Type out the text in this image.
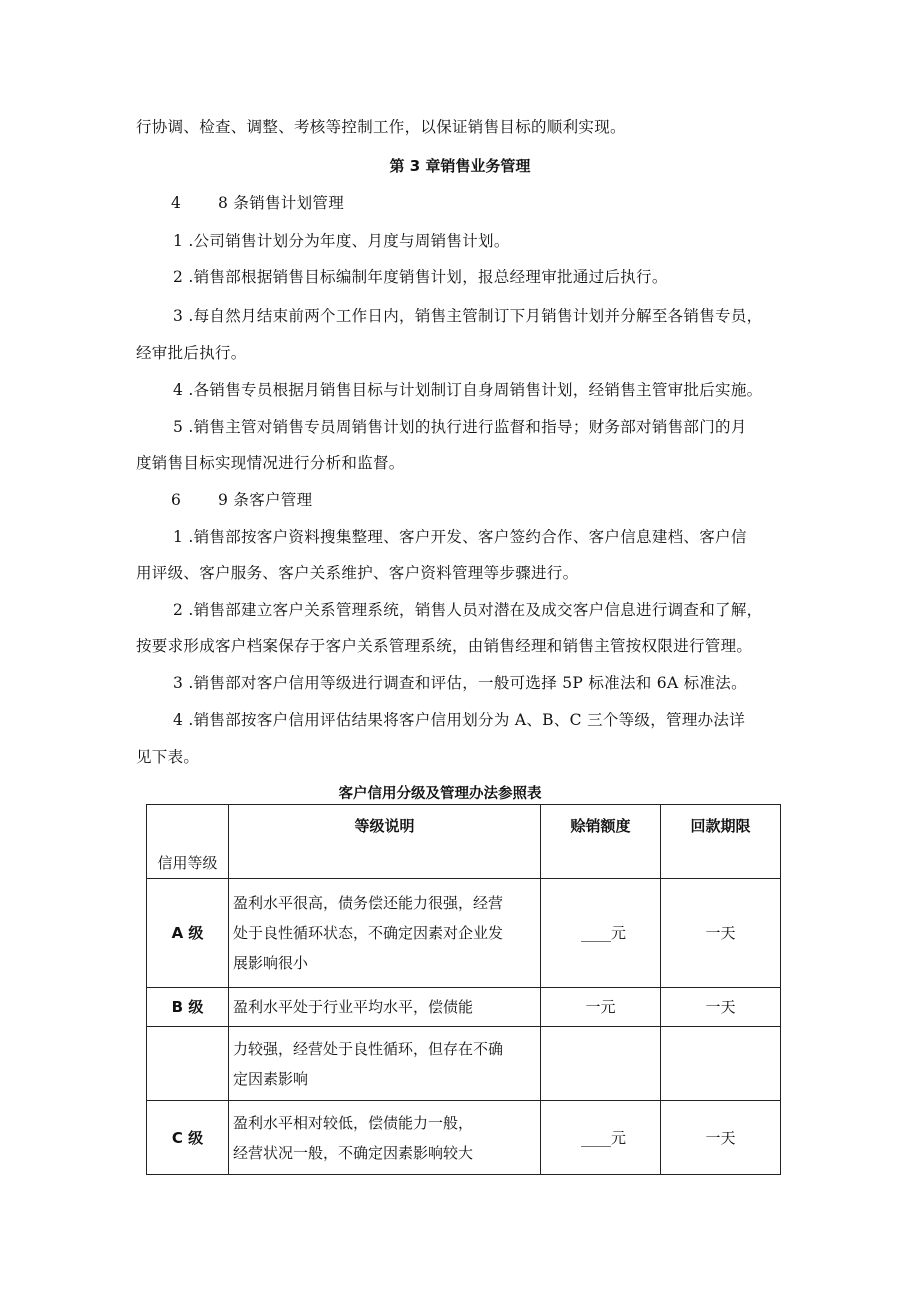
行协调、检查、调整、考核等控制工作，以保证销售目标的顺利实现。
第 3 章销售业务管理
4 8 条销售计划管理
1 .公司销售计划分为年度、月度与周销售计划。
2 .销售部根据销售目标编制年度销售计划，报总经理审批通过后执行。
3 .每自然月结束前两个工作日内，销售主管制订下月销售计划并分解至各销售专员，
经审批后执行。
4 .各销售专员根据月销售目标与计划制订自身周销售计划，经销售主管审批后实施。
5 .销售主管对销售专员周销售计划的执行进行监督和指导；财务部对销售部门的月
度销售目标实现情况进行分析和监督。
6 9 条客户管理
1 .销售部按客户资料搜集整理、客户开发、客户签约合作、客户信息建档、客户信
用评级、客户服务、客户关系维护、客户资料管理等步骤进行。
2 .销售部建立客户关系管理系统，销售人员对潜在及成交客户信息进行调查和了解，
按要求形成客户档案保存于客户关系管理系统，由销售经理和销售主管按权限进行管理。
3 .销售部对客户信用等级进行调查和评估，一般可选择 5P 标准法和 6A 标准法。
4 .销售部按客户信用评估结果将客户信用划分为 A、B、C 三个等级，管理办法详
见下表。
客户信用分级及管理办法参照表
信用等级	等级说明	赊销额度	回款期限
A 级	盈利水平很高，债务偿还能力很强，经营
处于良性循环状态，不确定因素对企业发
展影响很小	____元	一天
B 级	盈利水平处于行业平均水平，偿债能	一元	一天

	力较强，经营处于良性循环，但存在不确
定因素影响		

C 级	盈利水平相对较低，偿债能力一般，
经营状况一般，不确定因素影响较大	____元	一天
